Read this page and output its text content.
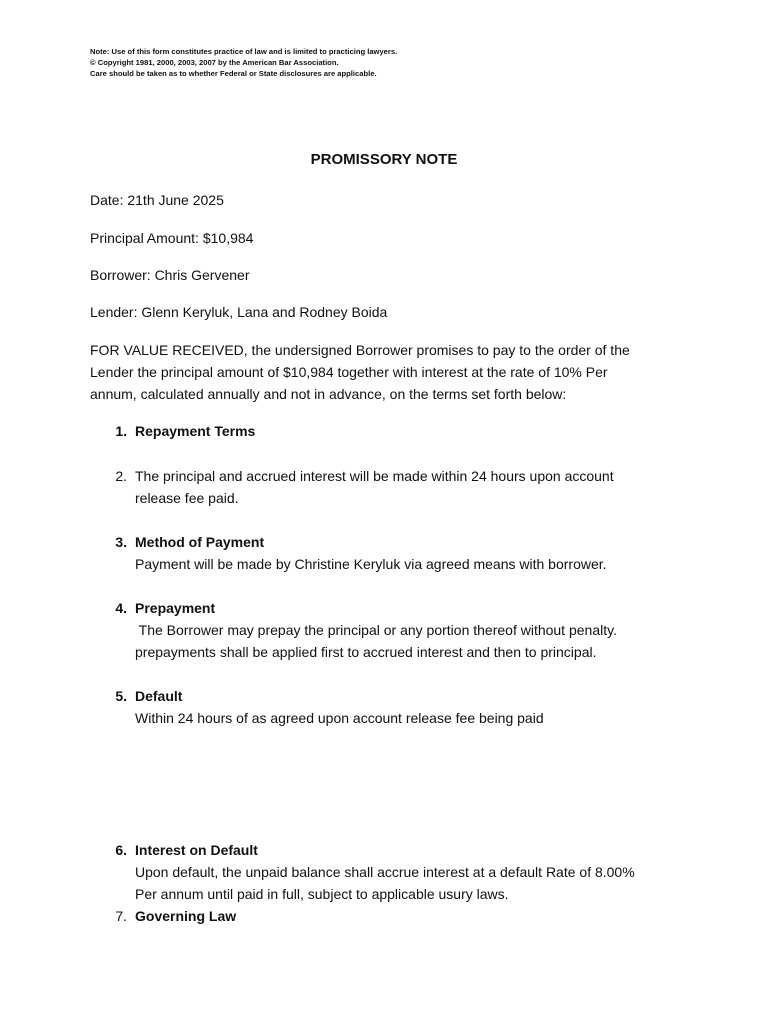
Note: Use of this form constitutes practice of law and is limited to practicing lawyers.
© Copyright 1981, 2000, 2003, 2007 by the American Bar Association.
Care should be taken as to whether Federal or State disclosures are applicable.
PROMISSORY NOTE

Date: 21th June 2025

Principal Amount: $10,984

Borrower: Chris Gervener

Lender: Glenn Keryluk, Lana and Rodney Boida

FOR VALUE RECEIVED, the undersigned Borrower promises to pay to the order of the
Lender the principal amount of $10,984 together with interest at the rate of 10% Per
annum, calculated annually and not in advance, on the terms set forth below:

1. Repayment Terms
2. The principal and accrued interest will be made within 24 hours upon account
release fee paid.
3. Method of Payment
Payment will be made by Christine Keryluk via agreed means with borrower.
4. Prepayment
The Borrower may prepay the principal or any portion thereof without penalty.
prepayments shall be applied first to accrued interest and then to principal.
5. Default
Within 24 hours of as agreed upon account release fee being paid
6. Interest on Default
Upon default, the unpaid balance shall accrue interest at a default Rate of 8.00%
Per annum until paid in full, subject to applicable usury laws.
7. Governing Law
